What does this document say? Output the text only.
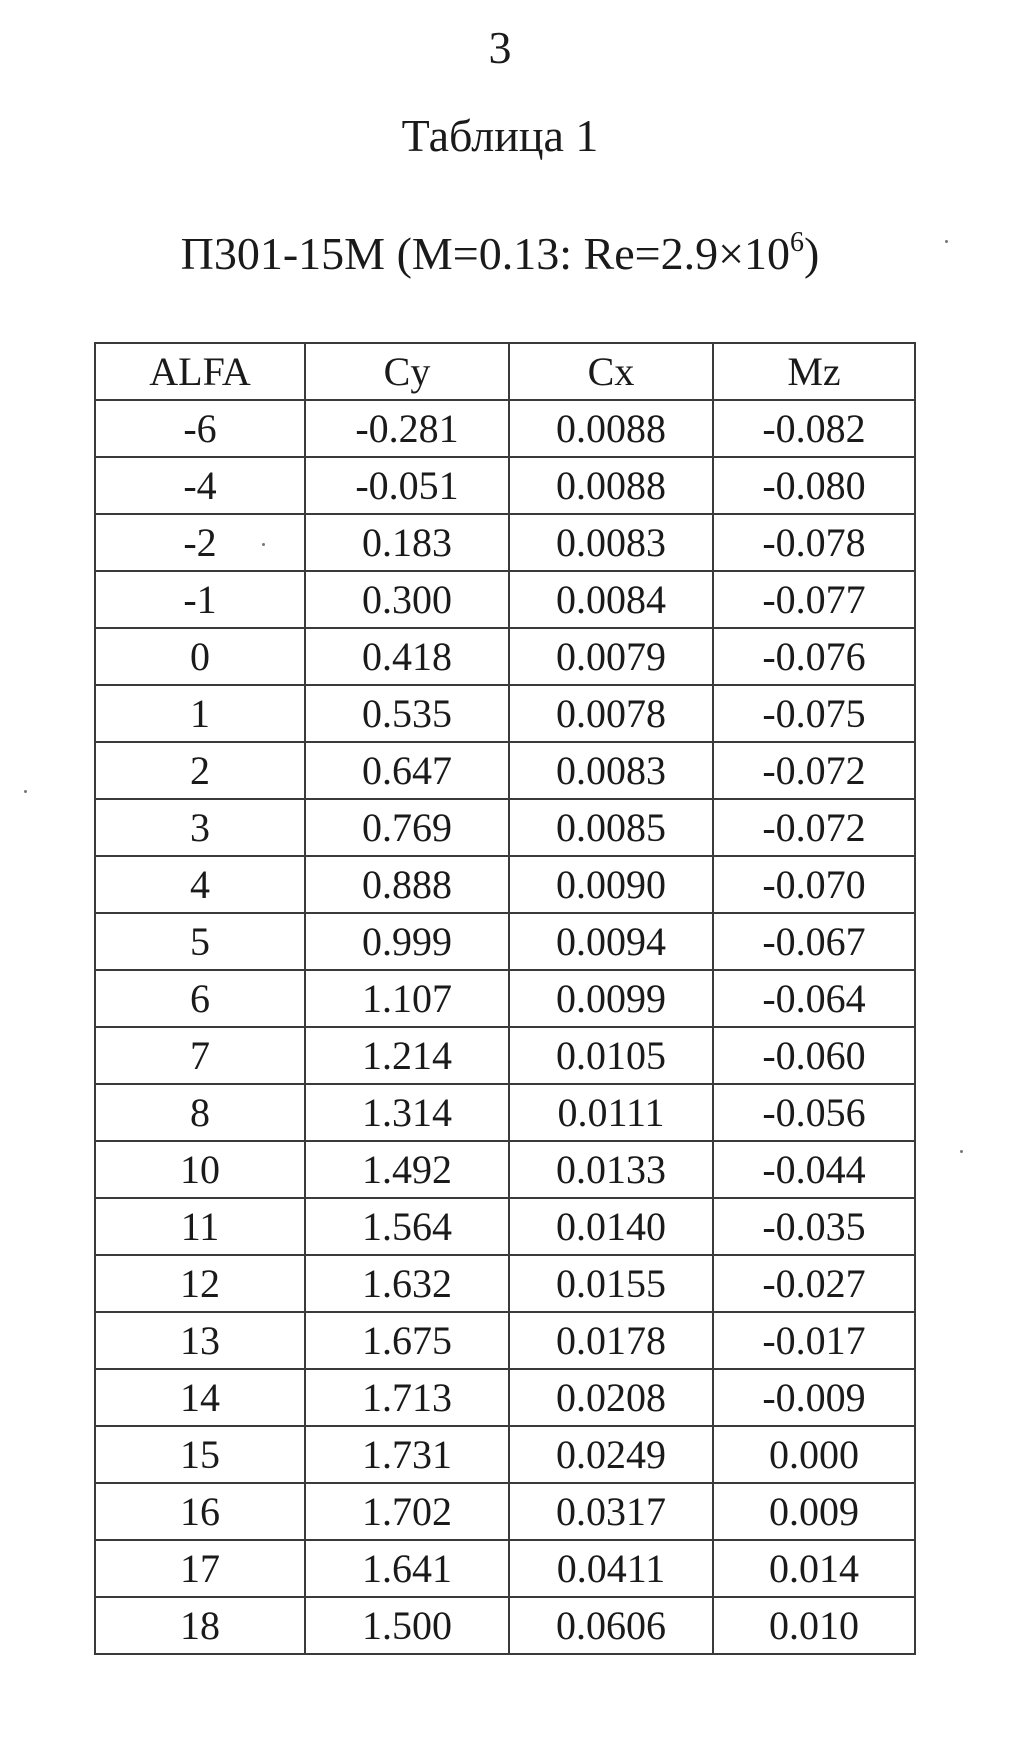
3
Таблица 1
П301-15М (М=0.13: $Re=2.9\times 10^6$)
ALFA	Cy	Cx	Mz
-6	-0.281	0.0088	-0.082
-4	-0.051	0.0088	-0.080
-2	0.183	0.0083	-0.078
-1	0.300	0.0084	-0.077
0	0.418	0.0079	-0.076
1	0.535	0.0078	-0.075
2	0.647	0.0083	-0.072
3	0.769	0.0085	-0.072
4	0.888	0.0090	-0.070
5	0.999	0.0094	-0.067
6	1.107	0.0099	-0.064
7	1.214	0.0105	-0.060
8	1.314	0.0111	-0.056
10	1.492	0.0133	-0.044
11	1.564	0.0140	-0.035
12	1.632	0.0155	-0.027
13	1.675	0.0178	-0.017
14	1.713	0.0208	-0.009
15	1.731	0.0249	0.000
16	1.702	0.0317	0.009
17	1.641	0.0411	0.014
18	1.500	0.0606	0.010
